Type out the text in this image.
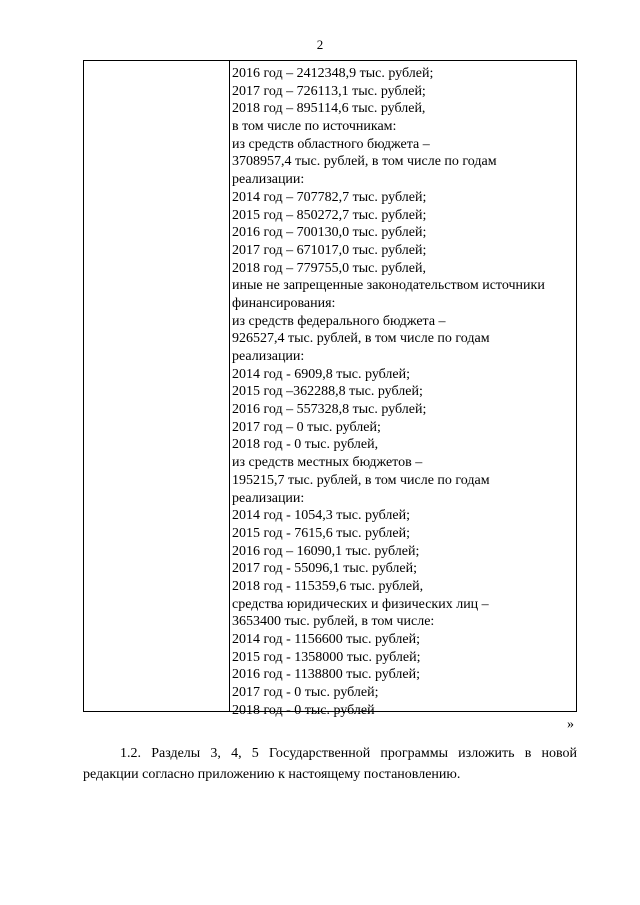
2
2016 год – 2412348,9 тыс. рублей;
2017 год – 726113,1 тыс. рублей;
2018 год – 895114,6 тыс. рублей,
в том числе по источникам:
из средств областного бюджета –
3708957,4 тыс. рублей, в том числе по годам
реализации:
2014 год – 707782,7 тыс. рублей;
2015 год – 850272,7 тыс. рублей;
2016 год – 700130,0 тыс. рублей;
2017 год – 671017,0 тыс. рублей;
2018 год – 779755,0 тыс. рублей,
иные не запрещенные законодательством источники
финансирования:
из средств федерального бюджета –
926527,4 тыс. рублей, в том числе по годам
реализации:
2014 год - 6909,8 тыс. рублей;
2015 год –362288,8 тыс. рублей;
2016 год – 557328,8 тыс. рублей;
2017 год – 0 тыс. рублей;
2018 год - 0 тыс. рублей,
из средств местных бюджетов –
195215,7 тыс. рублей, в том числе по годам
реализации:
2014 год - 1054,3 тыс. рублей;
2015 год - 7615,6 тыс. рублей;
2016 год – 16090,1 тыс. рублей;
2017 год - 55096,1 тыс. рублей;
2018 год - 115359,6 тыс. рублей,
средства юридических и физических лиц –
3653400 тыс. рублей, в том числе:
2014 год - 1156600 тыс. рублей;
2015 год - 1358000 тыс. рублей;
2016 год - 1138800 тыс. рублей;
2017 год - 0 тыс. рублей;
2018 год - 0 тыс. рублей
»
1.2. Разделы 3, 4, 5 Государственной программы изложить в новой
редакции согласно приложению к настоящему постановлению.
